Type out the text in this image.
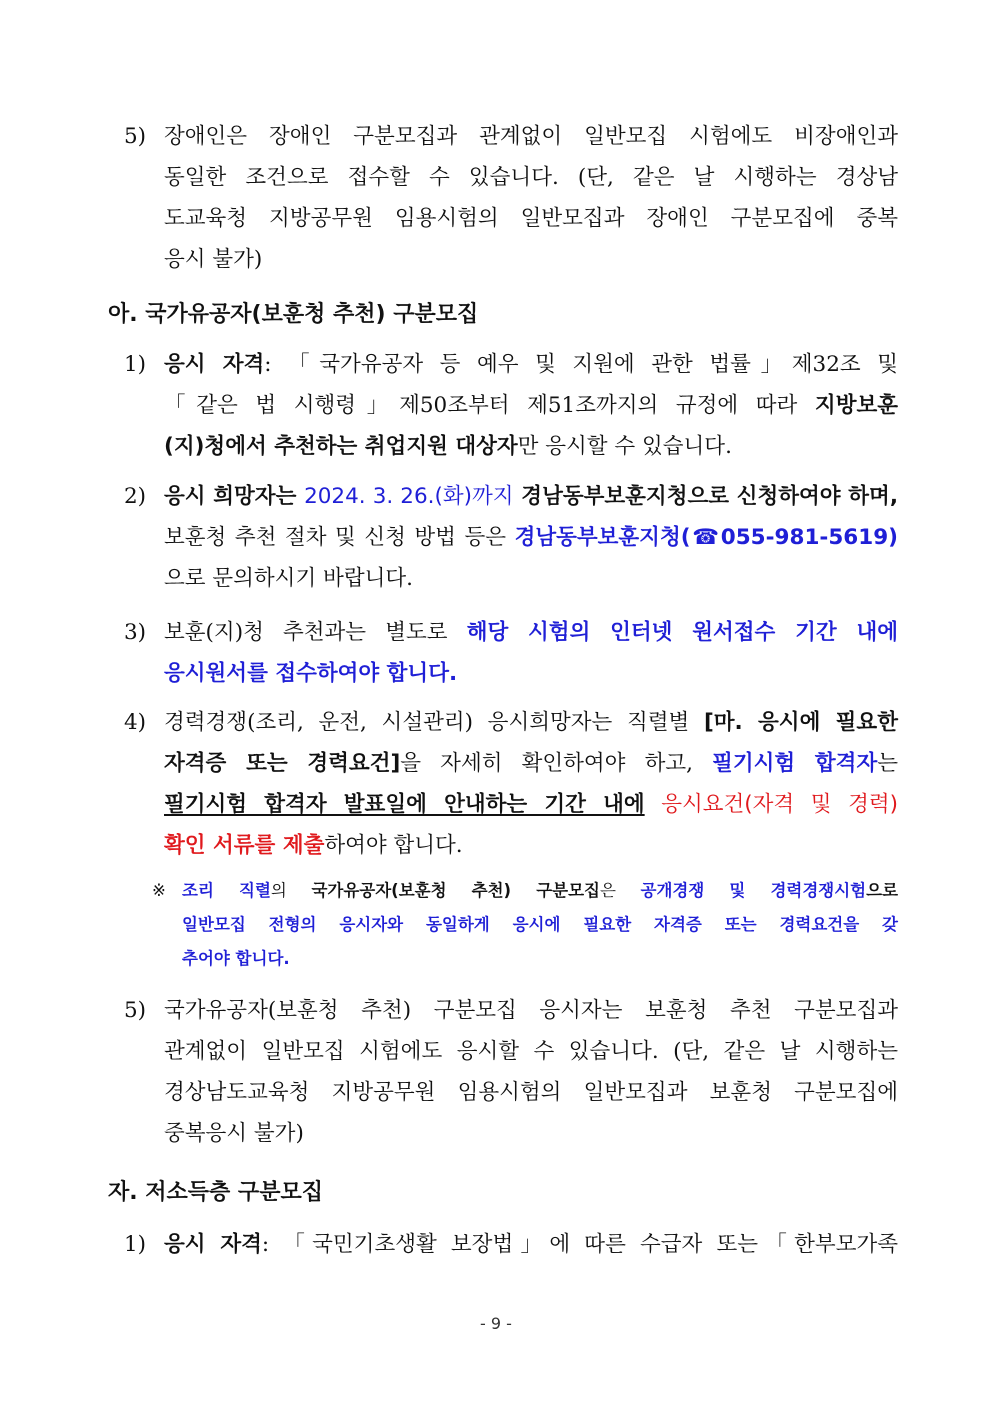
5) 장애인은 장애인 구분모집과 관계없이 일반모집 시험에도 비장애인과
동일한 조건으로 접수할 수 있습니다. (단, 같은 날 시행하는 경상남
도교육청 지방공무원 임용시험의 일반모집과 장애인 구분모집에 중복
응시 불가)
아. 국가유공자(보훈청 추천) 구분모집
1) 응시 자격: 「국가유공자 등 예우 및 지원에 관한 법률」제32조 및
「같은 법 시행령」제50조부터 제51조까지의 규정에 따라 지방보훈
(지)청에서 추천하는 취업지원 대상자만 응시할 수 있습니다.
2) 응시 희망자는 2024. 3. 26.(화)까지 경남동부보훈지청으로 신청하여야 하며,
보훈청 추천 절차 및 신청 방법 등은 경남동부보훈지청(☎055-981-5619)
으로 문의하시기 바랍니다.
3) 보훈(지)청 추천과는 별도로 해당 시험의 인터넷 원서접수 기간 내에
응시원서를 접수하여야 합니다.
4) 경력경쟁(조리, 운전, 시설관리) 응시희망자는 직렬별 [마. 응시에 필요한
자격증 또는 경력요건]을 자세히 확인하여야 하고, 필기시험 합격자는
필기시험 합격자 발표일에 안내하는 기간 내에 응시요건(자격 및 경력)
확인 서류를 제출하여야 합니다.
※ 조리 직렬의 국가유공자(보훈청 추천) 구분모집은 공개경쟁 및 경력경쟁시험으로
일반모집 전형의 응시자와 동일하게 응시에 필요한 자격증 또는 경력요건을 갖
추어야 합니다.
5) 국가유공자(보훈청 추천) 구분모집 응시자는 보훈청 추천 구분모집과
관계없이 일반모집 시험에도 응시할 수 있습니다. (단, 같은 날 시행하는
경상남도교육청 지방공무원 임용시험의 일반모집과 보훈청 구분모집에
중복응시 불가)
자. 저소득층 구분모집
1) 응시 자격: 「국민기초생활 보장법」에 따른 수급자 또는「한부모가족
- 9 -
